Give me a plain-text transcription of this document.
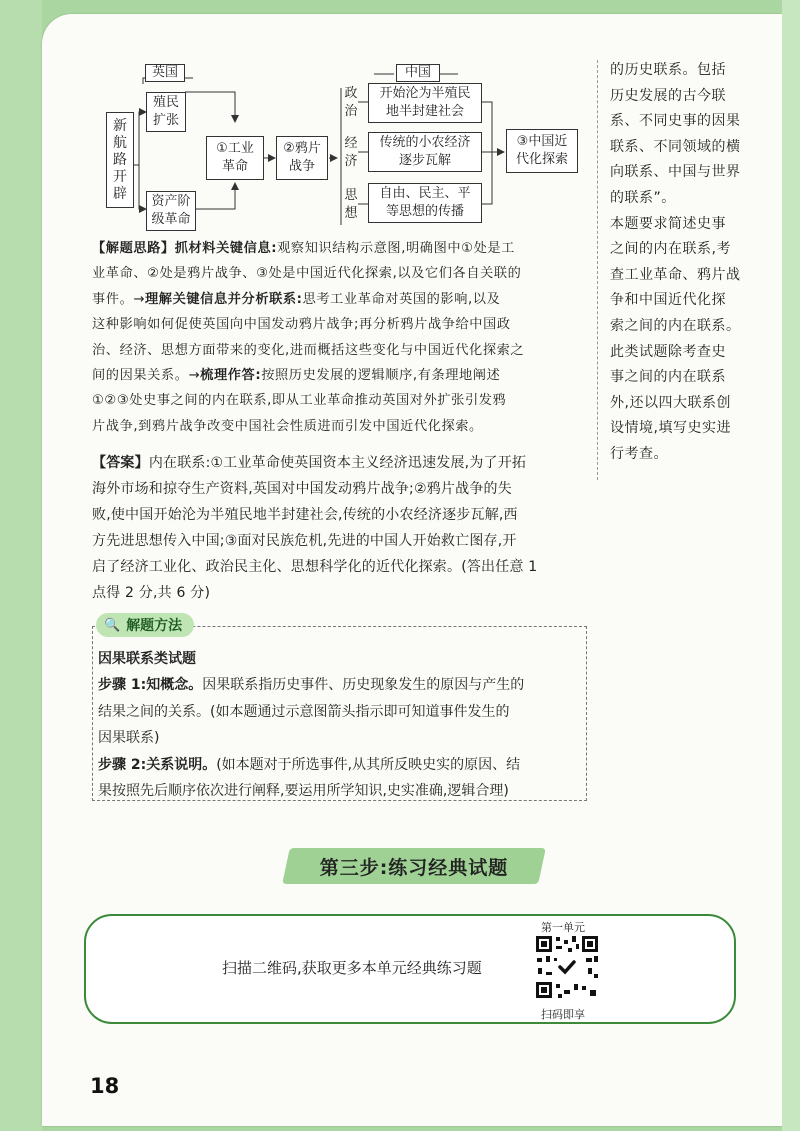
英国	中国
新
航
路
开
辟
殖民
扩张
资产阶
级革命
①工业
革命
②鸦片
战争
政
治
经
济
思
想
开始沦为半殖民
地半封建社会
传统的小农经济
逐步瓦解
自由、民主、平
等思想的传播
③中国近
代化探索
的历史联系。包括
历史发展的古今联
系、不同史事的因果
联系、不同领域的横
向联系、中国与世界
的联系”。
本题要求简述史事
之间的内在联系,考
查工业革命、鸦片战
争和中国近代化探
索之间的内在联系。
此类试题除考查史
事之间的内在联系
外,还以四大联系创
设情境,填写史实进
行考查。
【解题思路】抓材料关键信息:观察知识结构示意图,明确图中①处是工
业革命、②处是鸦片战争、③处是中国近代化探索,以及它们各自关联的
事件。→理解关键信息并分析联系:思考工业革命对英国的影响,以及
这种影响如何促使英国向中国发动鸦片战争;再分析鸦片战争给中国政
治、经济、思想方面带来的变化,进而概括这些变化与中国近代化探索之
间的因果关系。→梳理作答:按照历史发展的逻辑顺序,有条理地阐述
①②③处史事之间的内在联系,即从工业革命推动英国对外扩张引发鸦
片战争,到鸦片战争改变中国社会性质进而引发中国近代化探索。
【答案】内在联系:①工业革命使英国资本主义经济迅速发展,为了开拓
海外市场和掠夺生产资料,英国对中国发动鸦片战争;②鸦片战争的失
败,使中国开始沦为半殖民地半封建社会,传统的小农经济逐步瓦解,西
方先进思想传入中国;③面对民族危机,先进的中国人开始救亡图存,开
启了经济工业化、政治民主化、思想科学化的近代化探索。(答出任意 1
点得 2 分,共 6 分)
🔍 解题方法
因果联系类试题
步骤 1:知概念。因果联系指历史事件、历史现象发生的原因与产生的
结果之间的关系。(如本题通过示意图箭头指示即可知道事件发生的
因果联系)
步骤 2:关系说明。(如本题对于所选事件,从其所反映史实的原因、结
果按照先后顺序依次进行阐释,要运用所学知识,史实准确,逻辑合理)
第三步:练习经典试题
扫描二维码,获取更多本单元经典练习题
第一单元
扫码即享
18
